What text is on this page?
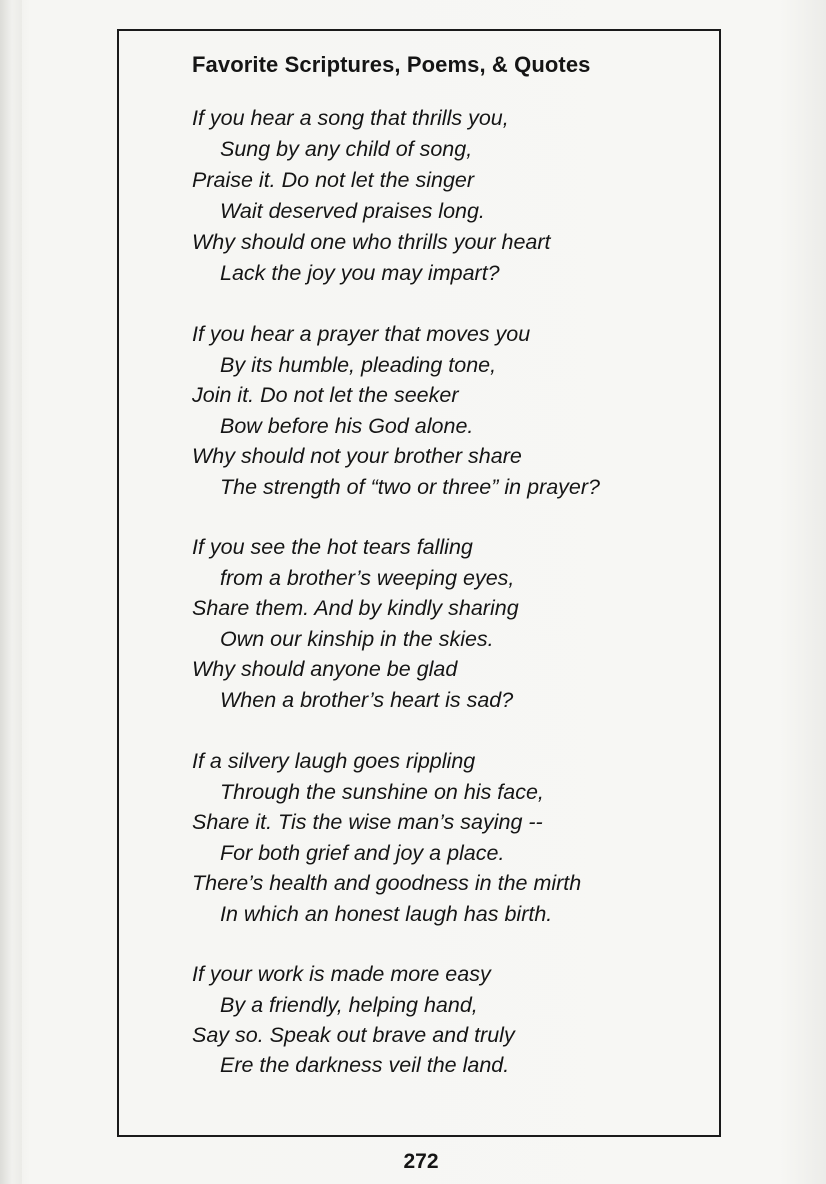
Favorite Scriptures, Poems, & Quotes
If you hear a song that thrills you,
Sung by any child of song,
Praise it. Do not let the singer
Wait deserved praises long.
Why should one who thrills your heart
Lack the joy you may impart?
If you hear a prayer that moves you
By its humble, pleading tone,
Join it. Do not let the seeker
Bow before his God alone.
Why should not your brother share
The strength of “two or three” in prayer?
If you see the hot tears falling
from a brother’s weeping eyes,
Share them. And by kindly sharing
Own our kinship in the skies.
Why should anyone be glad
When a brother’s heart is sad?
If a silvery laugh goes rippling
Through the sunshine on his face,
Share it. Tis the wise man’s saying --
For both grief and joy a place.
There’s health and goodness in the mirth
In which an honest laugh has birth.
If your work is made more easy
By a friendly, helping hand,
Say so. Speak out brave and truly
Ere the darkness veil the land.
272
